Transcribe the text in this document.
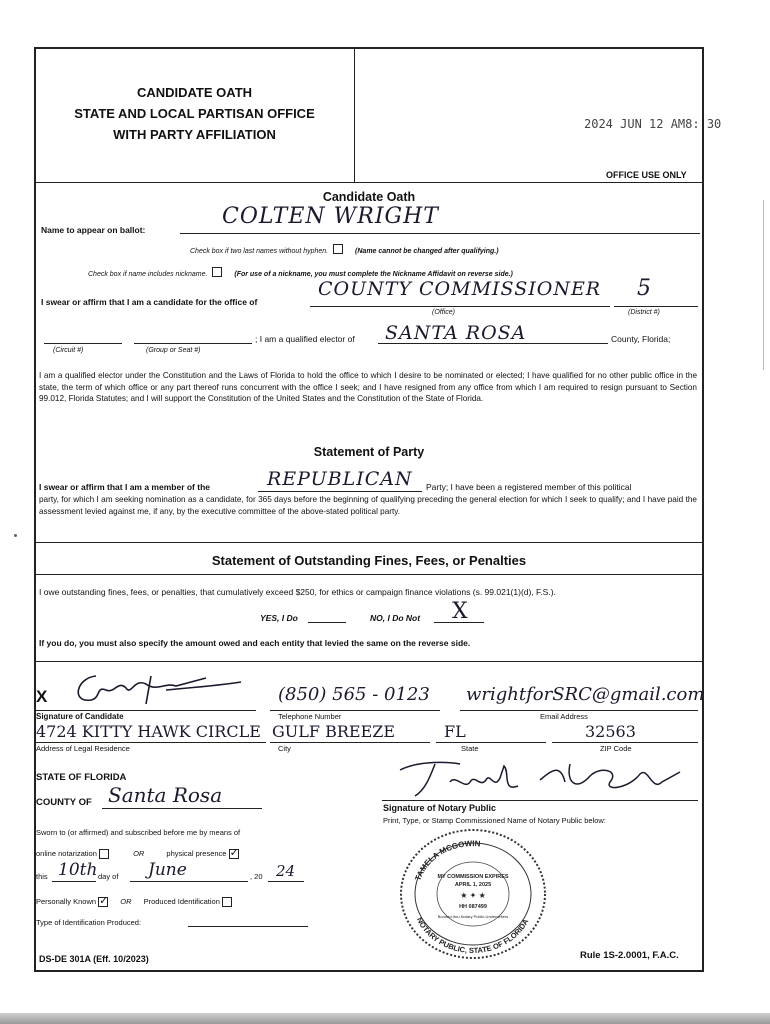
CANDIDATE OATH
STATE AND LOCAL PARTISAN OFFICE
WITH PARTY AFFILIATION
2024 JUN 12 AM8: 30
OFFICE USE ONLY
Candidate Oath
Name to appear on ballot:
COLTEN WRIGHT
Check box if two last names without hyphen.	(Name cannot be changed after qualifying.)
Check box if name includes nickname.	(For use of a nickname, you must complete the Nickname Affidavit on reverse side.)
I swear or affirm that I am a candidate for the office of
COUNTY COMMISSIONER
(Office)
5
(District #)
; I am a qualified elector of SANTA ROSA	County, Florida;
(Circuit #)	(Group or Seat #)
I am a qualified elector under the Constitution and the Laws of Florida to hold the office to which I desire to be nominated or elected; I have qualified for no other public office in the state, the term of which office or any part thereof runs concurrent with the office I seek; and I have resigned from any office from which I am required to resign pursuant to Section 99.012, Florida Statutes; and I will support the Constitution of the United States and the Constitution of the State of Florida.
Statement of Party
I swear or affirm that I am a member of the	REPUBLICAN Party; I have been a registered member of this political
party, for which I am seeking nomination as a candidate, for 365 days before the beginning of qualifying preceding the general election for which I seek to qualify; and I have paid the assessment levied against me, if any, by the executive committee of the above-stated political party.
Statement of Outstanding Fines, Fees, or Penalties
I owe outstanding fines, fees, or penalties, that cumulatively exceed $250, for ethics or campaign finance violations (s. 99.021(1)(d), F.S.).
YES, I Do	NO, I Do Not X
If you do, you must also specify the amount owed and each entity that levied the same on the reverse side.
X
Signature of Candidate
(850) 565 - 0123
Telephone Number
wrightforSRC@gmail.com
Email Address
4724 KITTY HAWK CIRCLE
Address of Legal Residence
GULF BREEZE
City
FL
State
32563
ZIP Code
STATE OF FLORIDA
COUNTY OF Santa Rosa
Signature of Notary Public
Print, Type, or Stamp Commissioned Name of Notary Public below:
Sworn to (or affirmed) and subscribed before me by means of
online notarization	OR	physical presence ✓
this 10th day of June	, 20 24
Personally Known ✓ OR Produced Identification
Type of Identification Produced:
TAMELA MCGOWIN
NOTARY PUBLIC, STATE OF FLORIDA
MY COMMISSION EXPIRES
APRIL 1, 2025
★ ✦ ★
HH 087499
Bonded thru Notary Public Underwriters
DS-DE 301A (Eff. 10/2023)	Rule 1S-2.0001, F.A.C.
